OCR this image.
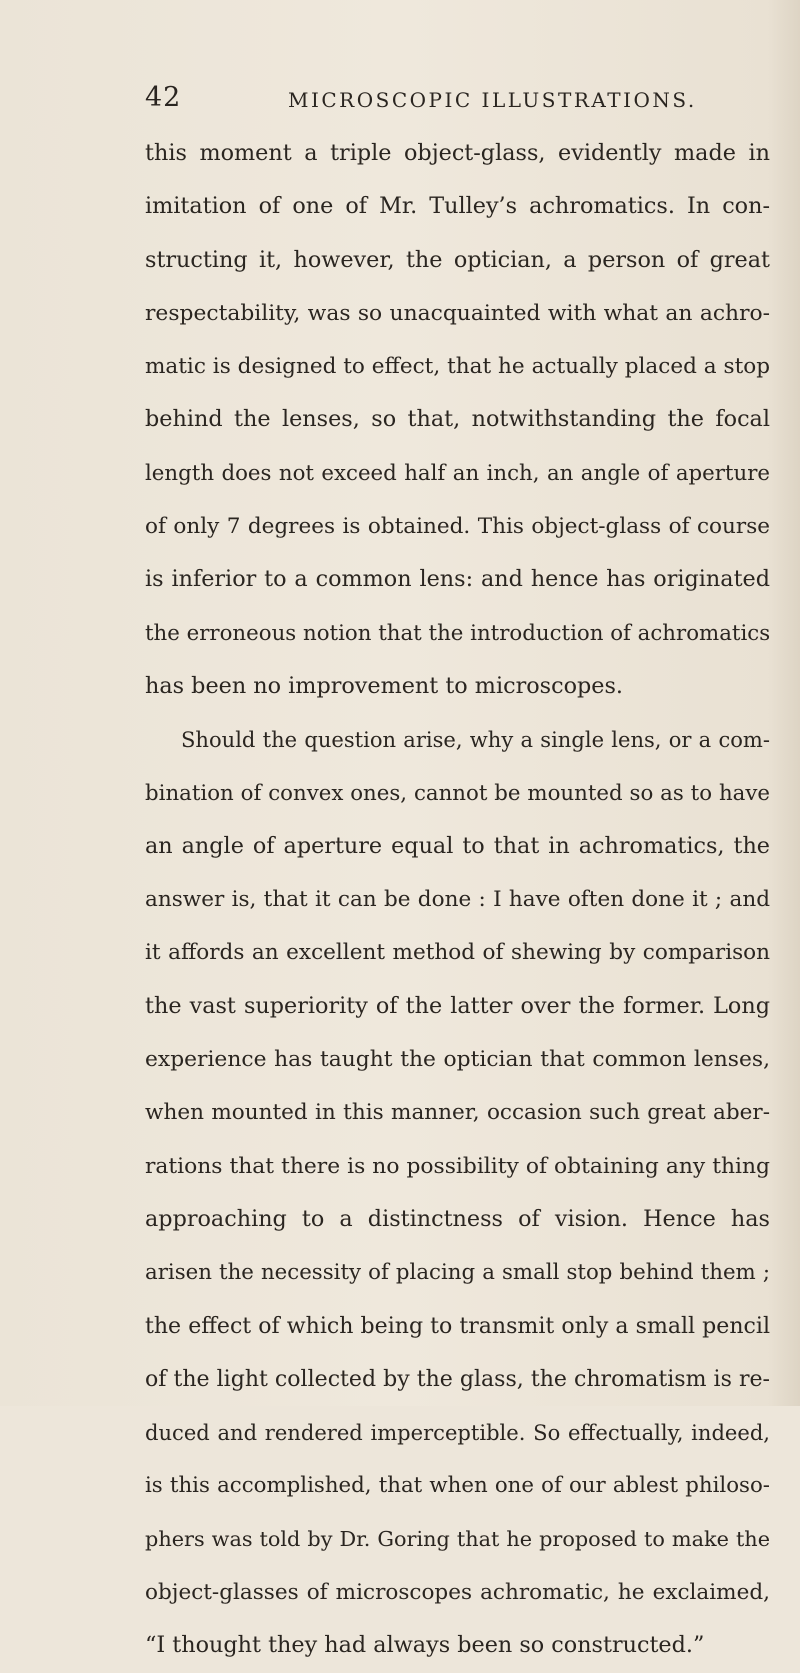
42	MICROSCOPIC ILLUSTRATIONS.
this moment a triple object-glass, evidently made in
imitation of one of Mr. Tulley’s achromatics. In con-
structing it, however, the optician, a person of great
respectability, was so unacquainted with what an achro-
matic is designed to effect, that he actually placed a stop
behind the lenses, so that, notwithstanding the focal
length does not exceed half an inch, an angle of aperture
of only 7 degrees is obtained. This object-glass of course
is inferior to a common lens: and hence has originated
the erroneous notion that the introduction of achromatics
has been no improvement to microscopes.
Should the question arise, why a single lens, or a com-
bination of convex ones, cannot be mounted so as to have
an angle of aperture equal to that in achromatics, the
answer is, that it can be done : I have often done it ; and
it affords an excellent method of shewing by comparison
the vast superiority of the latter over the former. Long
experience has taught the optician that common lenses,
when mounted in this manner, occasion such great aber-
rations that there is no possibility of obtaining any thing
approaching to a distinctness of vision. Hence has
arisen the necessity of placing a small stop behind them ;
the effect of which being to transmit only a small pencil
of the light collected by the glass, the chromatism is re-
duced and rendered imperceptible. So effectually, indeed,
is this accomplished, that when one of our ablest philoso-
phers was told by Dr. Goring that he proposed to make the
object-glasses of microscopes achromatic, he exclaimed,
“I thought they had always been so constructed.”
